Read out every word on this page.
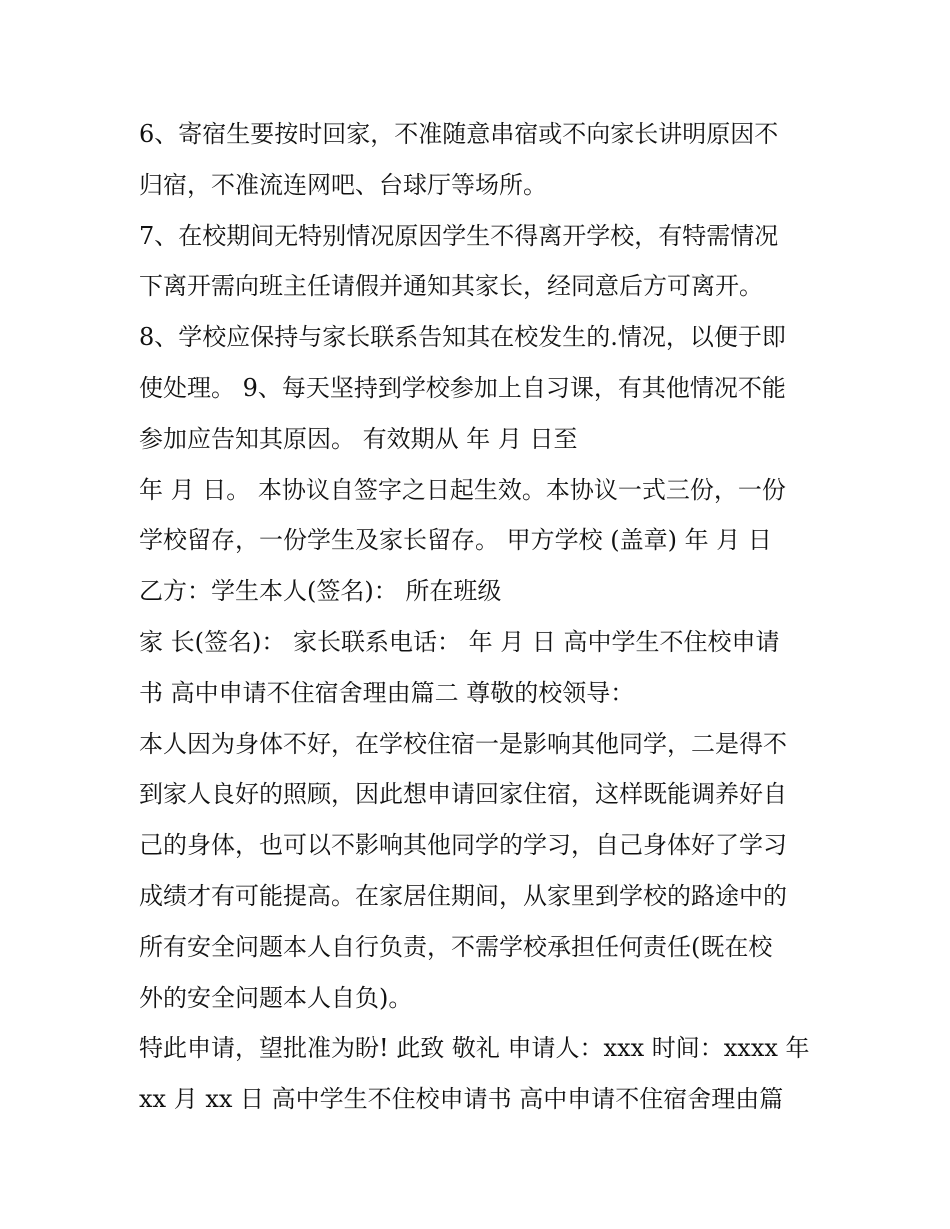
6、寄宿生要按时回家，不准随意串宿或不向家长讲明原因不
归宿，不准流连网吧、台球厅等场所。
7、在校期间无特别情况原因学生不得离开学校，有特需情况
下离开需向班主任请假并通知其家长，经同意后方可离开。
8、学校应保持与家长联系告知其在校发生的.情况，以便于即
使处理。 9、每天坚持到学校参加上自习课，有其他情况不能
参加应告知其原因。 有效期从 年 月 日至
年 月 日。 本协议自签字之日起生效。本协议一式三份，一份
学校留存，一份学生及家长留存。 甲方学校 (盖章) 年 月 日
乙方：学生本人(签名)： 所在班级
家 长(签名)： 家长联系电话： 年 月 日 高中学生不住校申请
书 高中申请不住宿舍理由篇二 尊敬的校领导：
本人因为身体不好，在学校住宿一是影响其他同学，二是得不
到家人良好的照顾，因此想申请回家住宿，这样既能调养好自
己的身体，也可以不影响其他同学的学习，自己身体好了学习
成绩才有可能提高。在家居住期间，从家里到学校的路途中的
所有安全问题本人自行负责，不需学校承担任何责任(既在校
外的安全问题本人自负)。
特此申请，望批准为盼! 此致 敬礼 申请人：xxx 时间：xxxx 年
xx 月 xx 日 高中学生不住校申请书 高中申请不住宿舍理由篇
